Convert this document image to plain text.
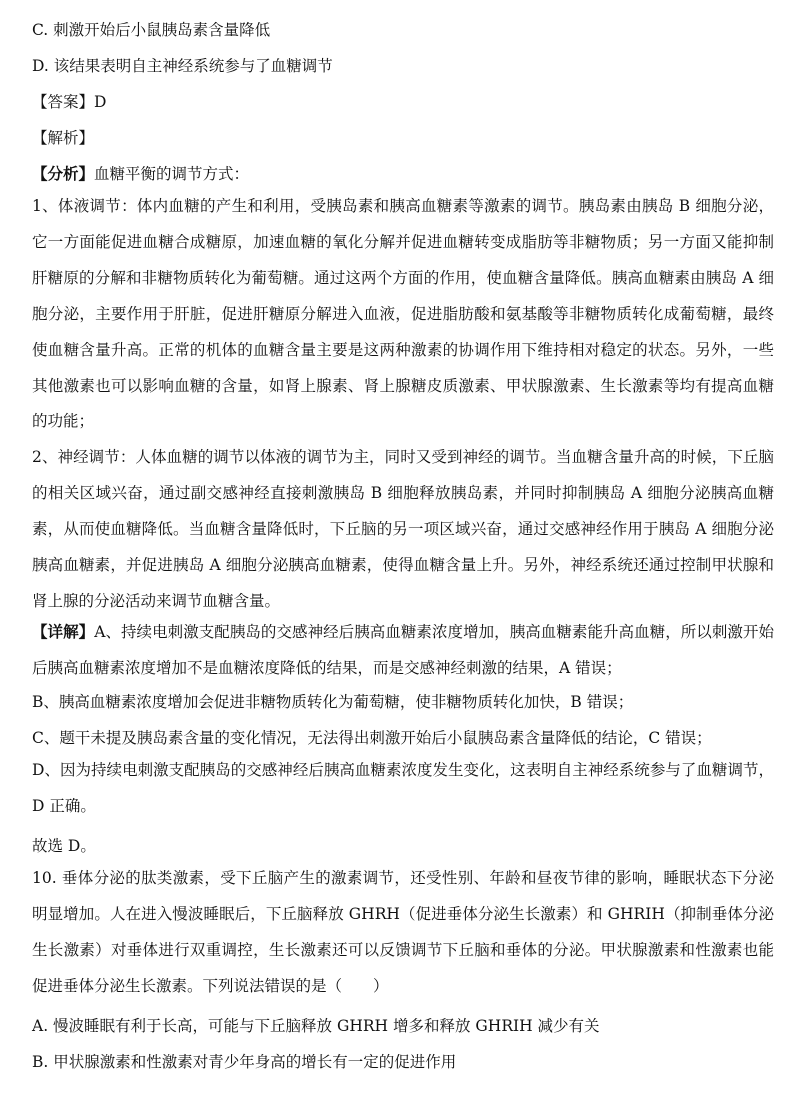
C. 刺激开始后小鼠胰岛素含量降低
D. 该结果表明自主神经系统参与了血糖调节
【答案】D
【解析】
【分析】血糖平衡的调节方式：
1、体液调节：体内血糖的产生和利用，受胰岛素和胰高血糖素等激素的调节。胰岛素由胰岛 B 细胞分泌，它一方面能促进血糖合成糖原，加速血糖的氧化分解并促进血糖转变成脂肪等非糖物质；另一方面又能抑制肝糖原的分解和非糖物质转化为葡萄糖。通过这两个方面的作用，使血糖含量降低。胰高血糖素由胰岛 A 细胞分泌，主要作用于肝脏，促进肝糖原分解进入血液，促进脂肪酸和氨基酸等非糖物质转化成葡萄糖，最终使血糖含量升高。正常的机体的血糖含量主要是这两种激素的协调作用下维持相对稳定的状态。另外，一些其他激素也可以影响血糖的含量，如肾上腺素、肾上腺糖皮质激素、甲状腺激素、生长激素等均有提高血糖的功能；
2、神经调节：人体血糖的调节以体液的调节为主，同时又受到神经的调节。当血糖含量升高的时候，下丘脑的相关区域兴奋，通过副交感神经直接刺激胰岛 B 细胞释放胰岛素，并同时抑制胰岛 A 细胞分泌胰高血糖素，从而使血糖降低。当血糖含量降低时，下丘脑的另一项区域兴奋，通过交感神经作用于胰岛 A 细胞分泌胰高血糖素，并促进胰岛 A 细胞分泌胰高血糖素，使得血糖含量上升。另外，神经系统还通过控制甲状腺和肾上腺的分泌活动来调节血糖含量。
【详解】A、持续电刺激支配胰岛的交感神经后胰高血糖素浓度增加，胰高血糖素能升高血糖，所以刺激开始后胰高血糖素浓度增加不是血糖浓度降低的结果，而是交感神经刺激的结果，A 错误；
B、胰高血糖素浓度增加会促进非糖物质转化为葡萄糖，使非糖物质转化加快，B 错误；
C、题干未提及胰岛素含量的变化情况，无法得出刺激开始后小鼠胰岛素含量降低的结论，C 错误；
D、因为持续电刺激支配胰岛的交感神经后胰高血糖素浓度发生变化，这表明自主神经系统参与了血糖调节，D 正确。
故选 D。
10. 垂体分泌的肽类激素，受下丘脑产生的激素调节，还受性别、年龄和昼夜节律的影响，睡眠状态下分泌明显增加。人在进入慢波睡眠后，下丘脑释放 GHRH（促进垂体分泌生长激素）和 GHRIH（抑制垂体分泌生长激素）对垂体进行双重调控，生长激素还可以反馈调节下丘脑和垂体的分泌。甲状腺激素和性激素也能促进垂体分泌生长激素。下列说法错误的是（　　）
A. 慢波睡眠有利于长高，可能与下丘脑释放 GHRH 增多和释放 GHRIH 减少有关
B. 甲状腺激素和性激素对青少年身高的增长有一定的促进作用
